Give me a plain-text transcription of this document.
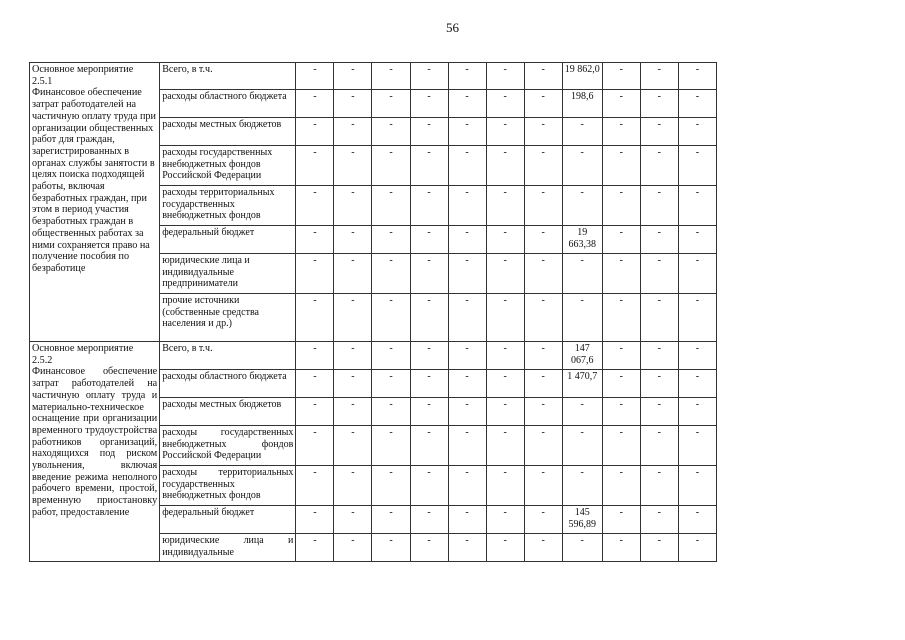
56
Основное мероприятие
2.5.1
Финансовое обеспечение затрат работодателей на частичную оплату труда при организации общественных работ для граждан, зарегистрированных в органах службы занятости в целях поиска подходящей работы, включая безработных граждан, при этом в период участия безработных граждан в общественных работах за ними сохраняется право на получение пособия по безработице	Всего, в т.ч.	-	-	-	-	-	-	-	19 862,0	-	-	-
	расходы областного бюджета	-	-	-	-	-	-	-	198,6	-	-	-
	расходы местных бюджетов	-	-	-	-	-	-	-	-	-	-	-
	расходы государственных внебюджетных фондов Российской Федерации	-	-	-	-	-	-	-	-	-	-	-
	расходы территориальных государственных внебюджетных фондов	-	-	-	-	-	-	-	-	-	-	-
	федеральный бюджет	-	-	-	-	-	-	-	19 663,38	-	-	-
	юридические лица и индивидуальные предприниматели	-	-	-	-	-	-	-	-	-	-	-
	прочие источники (собственные средства населения и др.)	-	-	-	-	-	-	-	-	-	-	-

Основное мероприятие
2.5.2
Финансовое обеспечение затрат работодателей на частичную оплату труда и материально-техническое оснащение при организации временного трудоустройства работников организаций, находящихся под риском увольнения, включая введение режима неполного рабочего времени, простой, временную приостановку работ, предоставление	Всего, в т.ч.	-	-	-	-	-	-	-	147 067,6	-	-	-
	расходы областного бюджета	-	-	-	-	-	-	-	1 470,7	-	-	-
	расходы местных бюджетов	-	-	-	-	-	-	-	-	-	-	-
	расходы государственных внебюджетных фондов Российской Федерации	-	-	-	-	-	-	-	-	-	-	-
	расходы территориальных государственных внебюджетных фондов	-	-	-	-	-	-	-	-	-	-	-
	федеральный бюджет	-	-	-	-	-	-	-	145 596,89	-	-	-
	юридические лица и индивидуальные	-	-	-	-	-	-	-	-	-	-	-
